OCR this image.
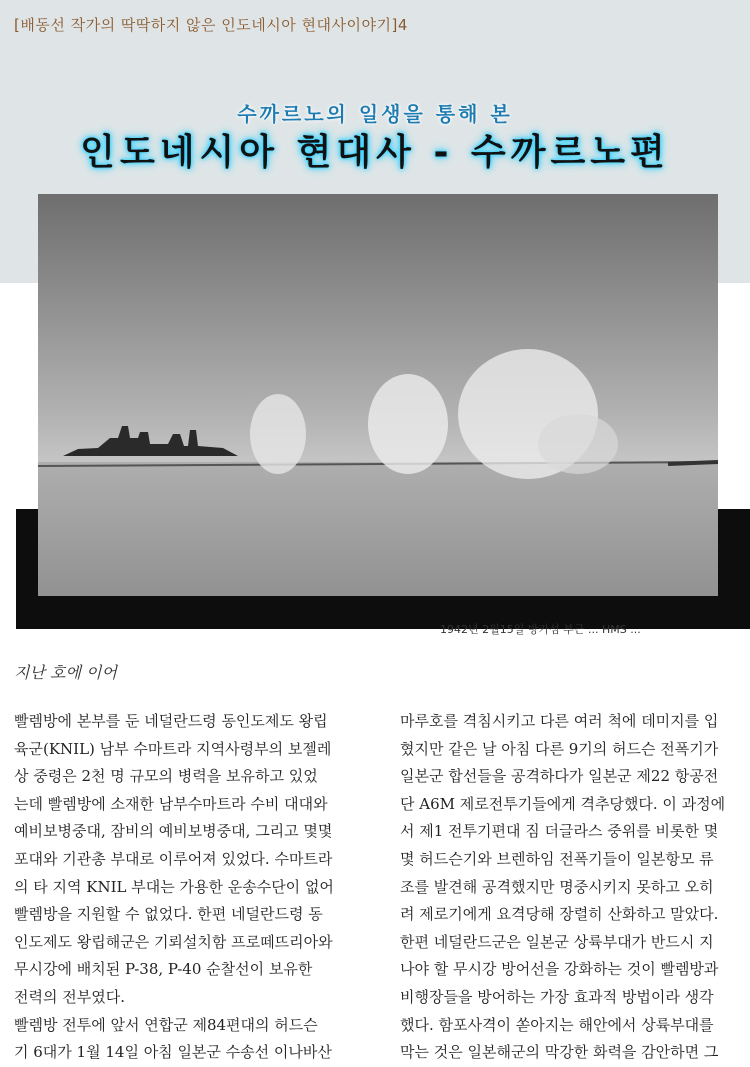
[배동선 작가의 딱딱하지 않은 인도네시아 현대사이야기]4
수까르노의 일생을 통해 본
인도네시아 현대사 - 수까르노편
1942년 2월15일 방카섬 부근 ... HMS ...
지난 호에 이어

빨렘방에 본부를 둔 네덜란드령 동인도제도 왕립

육군(KNIL) 남부 수마트라 지역사령부의 보젤레

상 중령은 2천 명 규모의 병력을 보유하고 있었

는데 빨렘방에 소재한 남부수마트라 수비 대대와

예비보병중대, 잠비의 예비보병중대, 그리고 몇몇

포대와 기관총 부대로 이루어져 있었다. 수마트라

의 타 지역 KNIL 부대는 가용한 운송수단이 없어

빨렘방을 지원할 수 없었다. 한편 네덜란드령 동

인도제도 왕립해군은 기뢰설치함 프로떼뜨리아와

무시강에 배치된 P-38, P-40 순찰선이 보유한

전력의 전부였다.

빨렘방 전투에 앞서 연합군 제84편대의 허드슨

기 6대가 1월 14일 아침 일본군 수송선 이나바산

마루호를 격침시키고 다른 여러 척에 데미지를 입

혔지만 같은 날 아침 다른 9기의 허드슨 전폭기가

일본군 합선들을 공격하다가 일본군 제22 항공전

단 A6M 제로전투기들에게 격추당했다. 이 과정에

서 제1 전투기편대 짐 더글라스 중위를 비롯한 몇

몇 허드슨기와 브렌하임 전폭기들이 일본항모 류

조를 발견해 공격했지만 명중시키지 못하고 오히

려 제로기에게 요격당해 장렬히 산화하고 말았다.

한편 네덜란드군은 일본군 상륙부대가 반드시 지

나야 할 무시강 방어선을 강화하는 것이 빨렘방과

비행장들을 방어하는 가장 효과적 방법이라 생각

했다. 함포사격이 쏟아지는 해안에서 상륙부대를

막는 것은 일본해군의 막강한 화력을 감안하면 그
